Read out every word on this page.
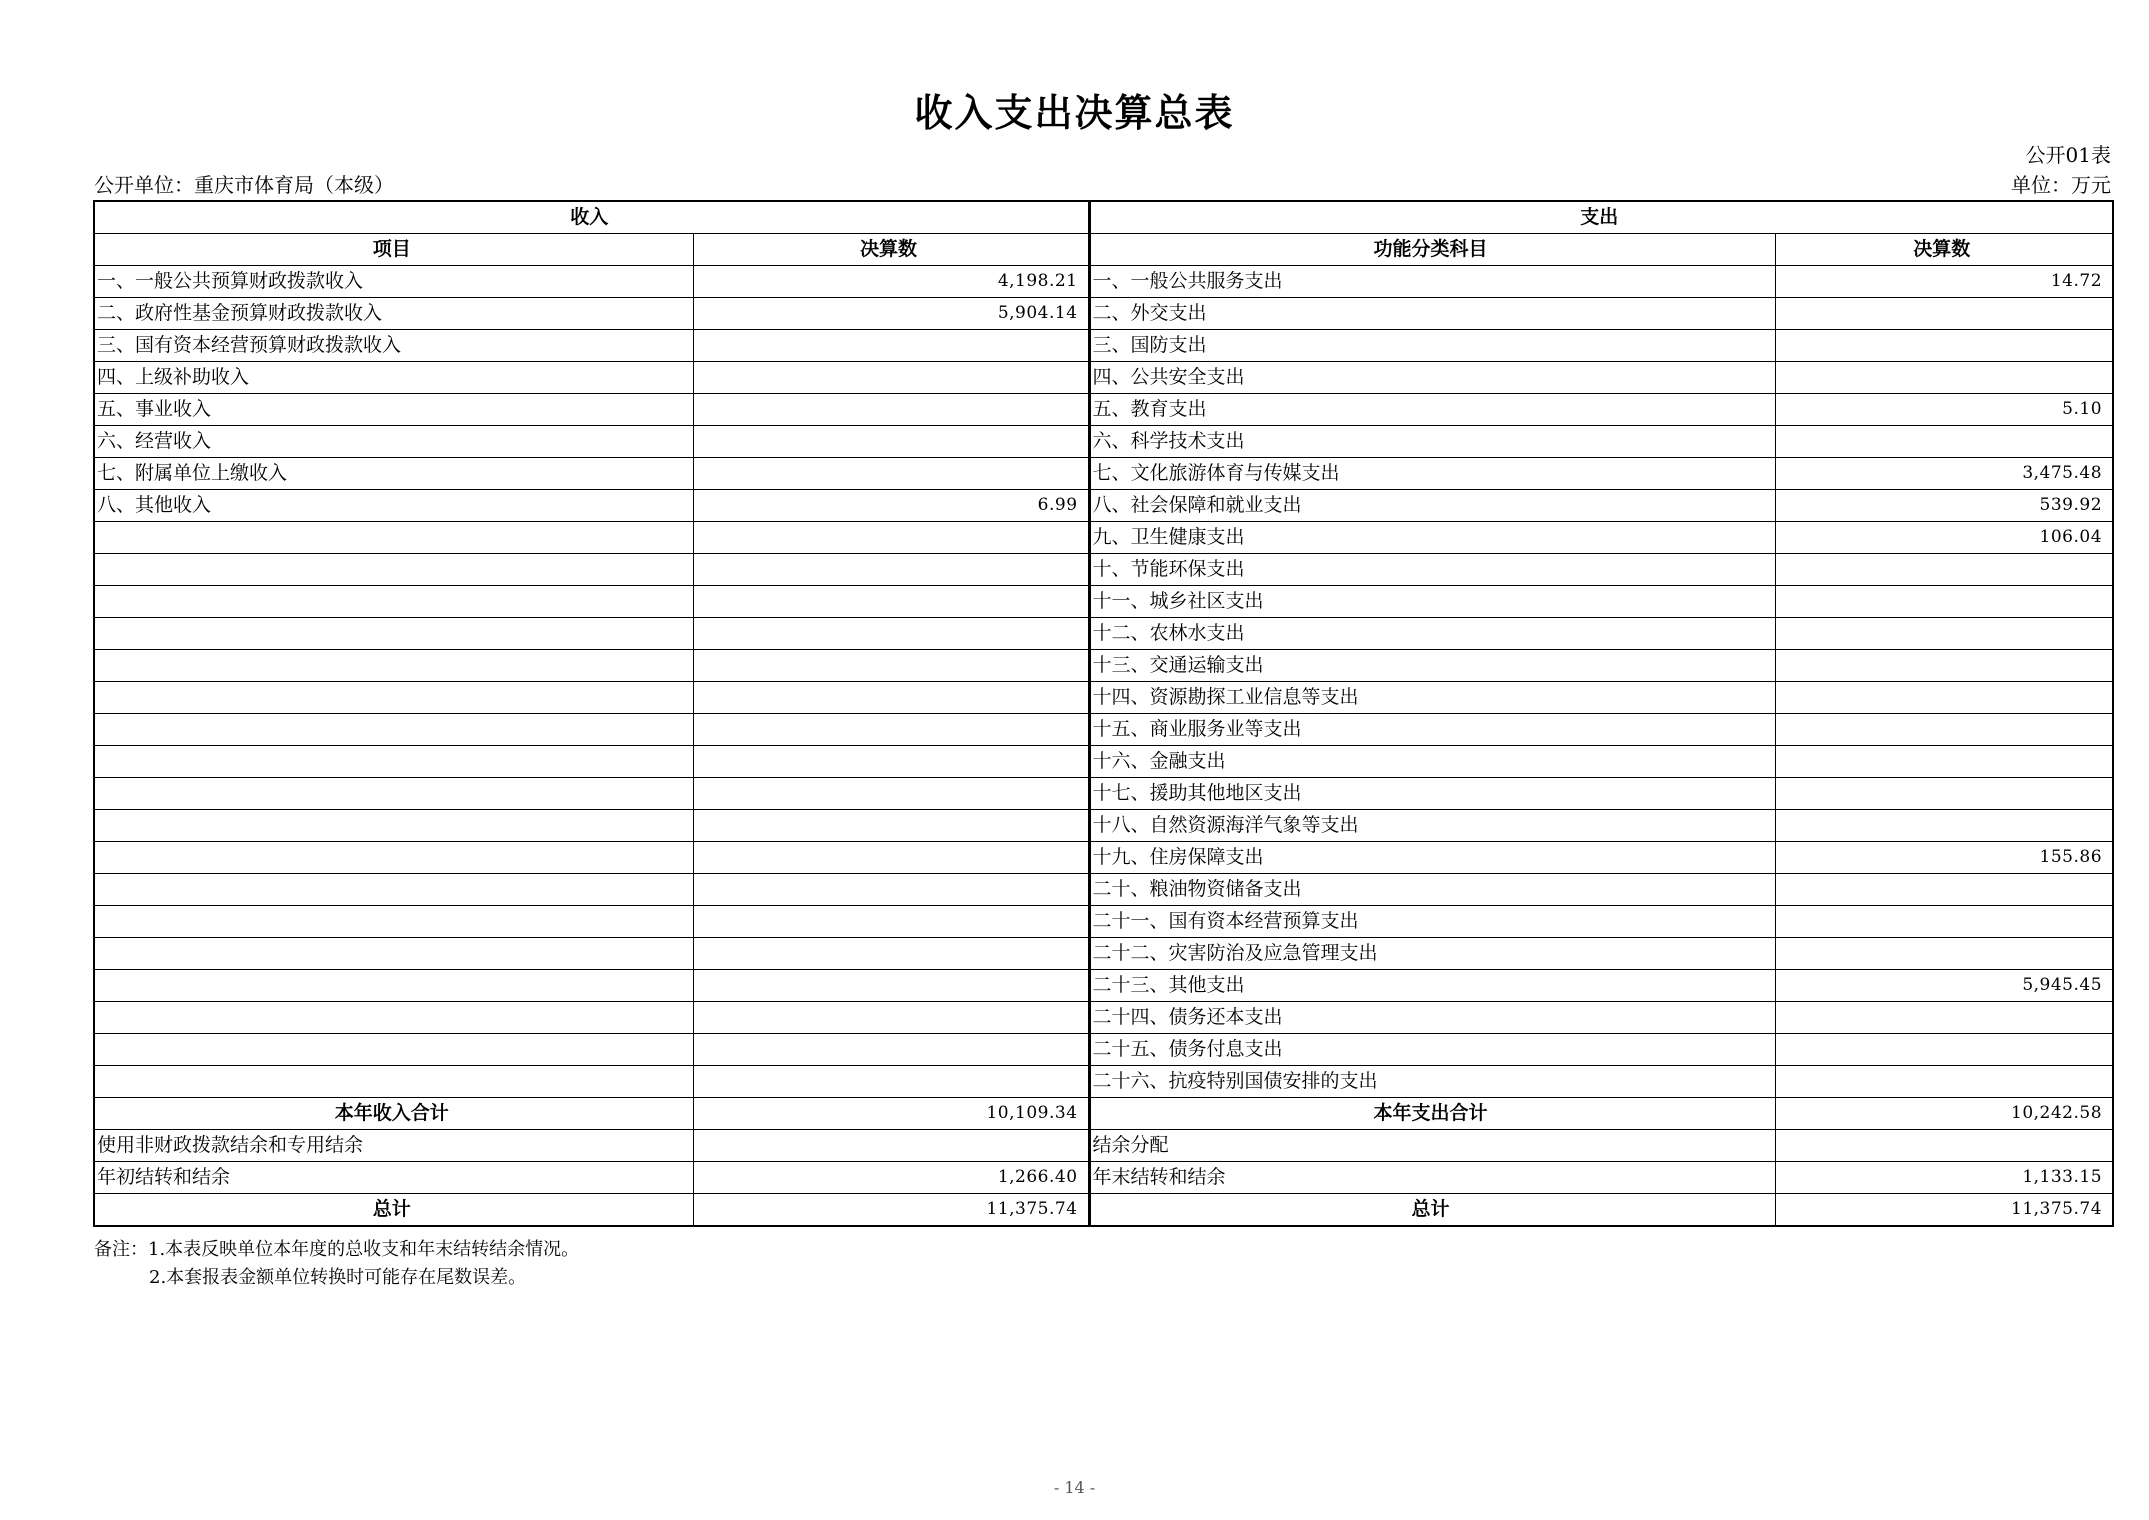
收入支出决算总表
公开01表
公开单位：重庆市体育局（本级）	单位：万元
收入		支出	
项目	决算数	功能分类科目	决算数
一、一般公共预算财政拨款收入	4,198.21	一、一般公共服务支出	14.72
二、政府性基金预算财政拨款收入	5,904.14	二、外交支出	
三、国有资本经营预算财政拨款收入		三、国防支出	
四、上级补助收入		四、公共安全支出	
五、事业收入		五、教育支出	5.10
六、经营收入		六、科学技术支出	
七、附属单位上缴收入		七、文化旅游体育与传媒支出	3,475.48
八、其他收入	6.99	八、社会保障和就业支出	539.92
		九、卫生健康支出	106.04
		十、节能环保支出	
		十一、城乡社区支出	
		十二、农林水支出	
		十三、交通运输支出	
		十四、资源勘探工业信息等支出	
		十五、商业服务业等支出	
		十六、金融支出	
		十七、援助其他地区支出	
		十八、自然资源海洋气象等支出	
		十九、住房保障支出	155.86
		二十、粮油物资储备支出	
		二十一、国有资本经营预算支出	
		二十二、灾害防治及应急管理支出	
		二十三、其他支出	5,945.45
		二十四、债务还本支出	
		二十五、债务付息支出	
		二十六、抗疫特别国债安排的支出	
本年收入合计	10,109.34	本年支出合计	10,242.58
使用非财政拨款结余和专用结余		结余分配	
年初结转和结余	1,266.40	年末结转和结余	1,133.15
总计	11,375.74	总计	11,375.74
备注：1.本表反映单位本年度的总收支和年末结转结余情况。
2.本套报表金额单位转换时可能存在尾数误差。
- 14 -
